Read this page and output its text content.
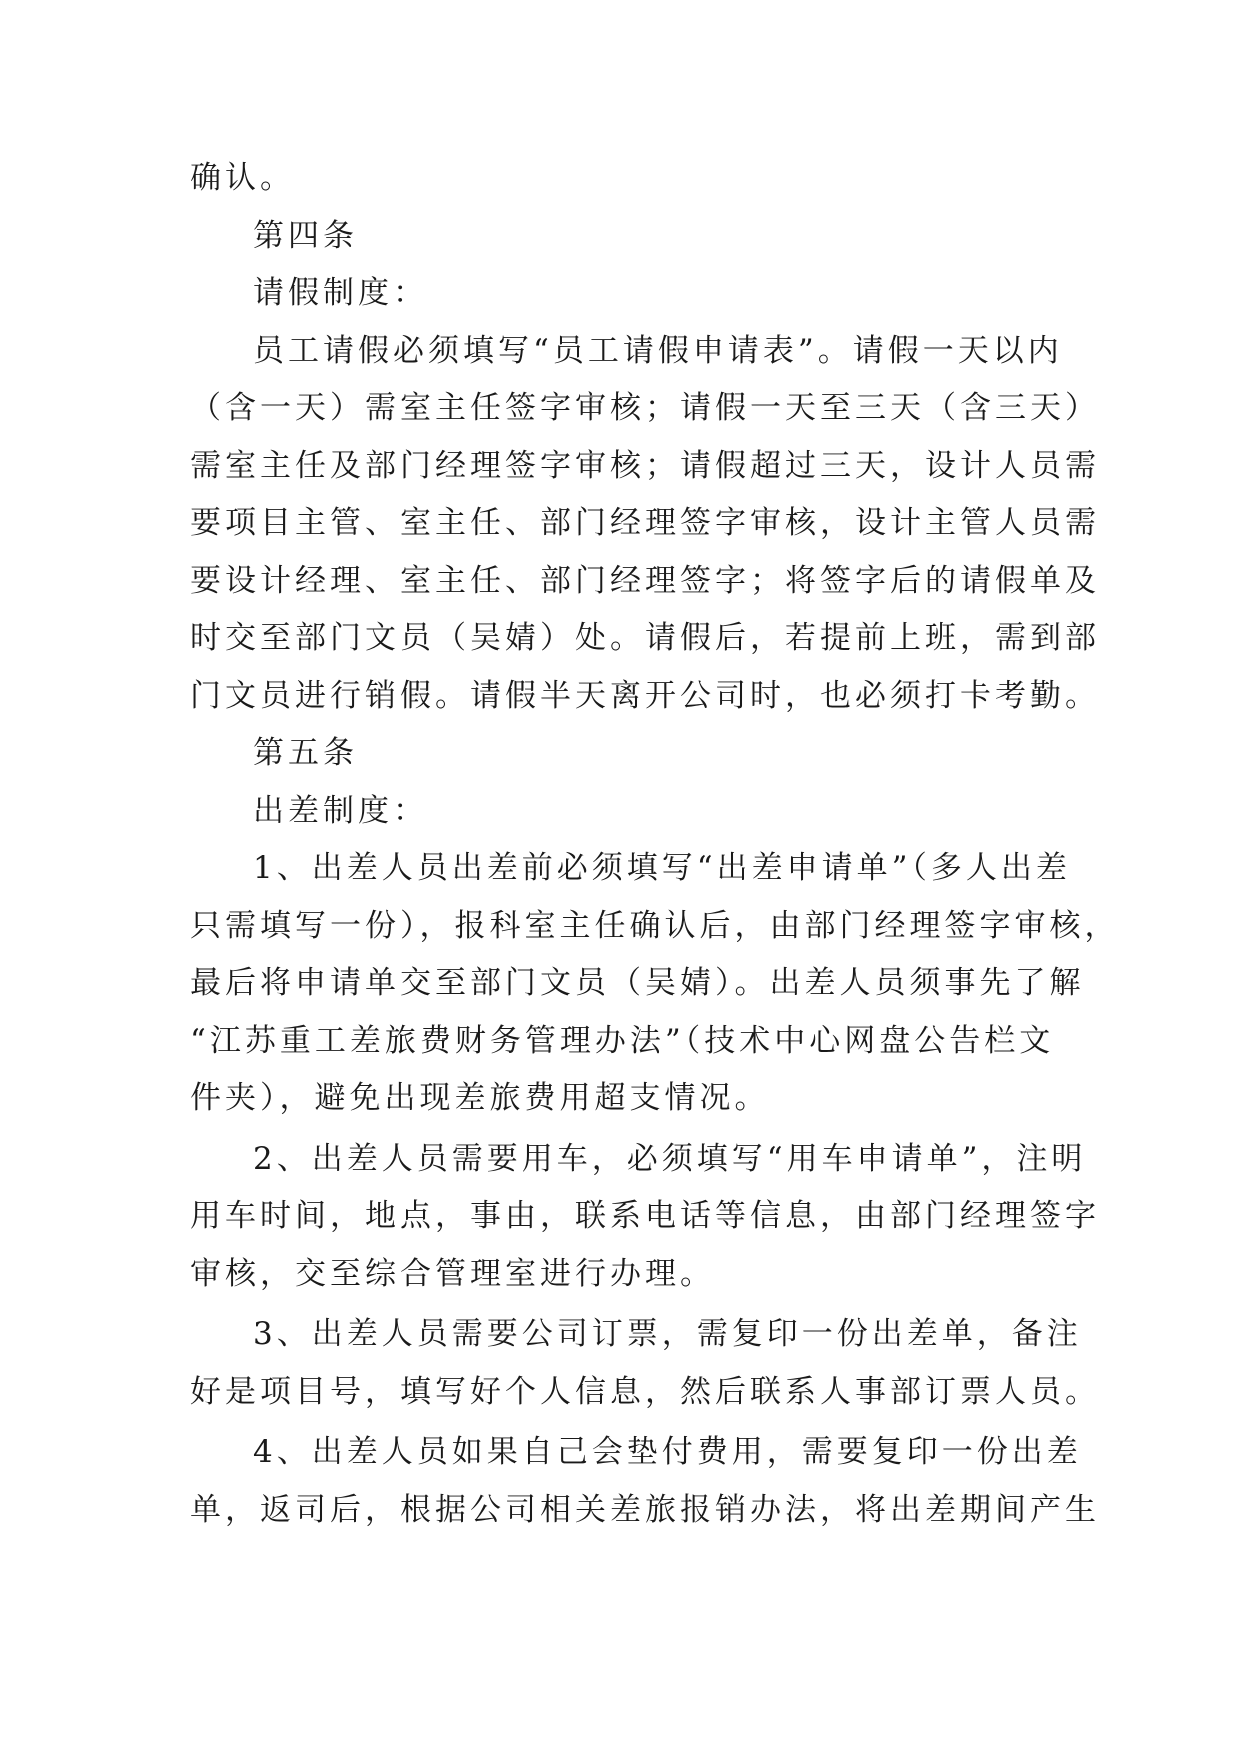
确认。
第四条
请假制度：
员工请假必须填写“员工请假申请表”。请假一天以内
（含一天）需室主任签字审核；请假一天至三天（含三天）
需室主任及部门经理签字审核；请假超过三天，设计人员需
要项目主管、室主任、部门经理签字审核，设计主管人员需
要设计经理、室主任、部门经理签字；将签字后的请假单及
时交至部门文员（吴婧）处。请假后，若提前上班，需到部
门文员进行销假。请假半天离开公司时，也必须打卡考勤。
第五条
出差制度：
1、出差人员出差前必须填写“出差申请单”（多人出差
只需填写一份），报科室主任确认后，由部门经理签字审核，
最后将申请单交至部门文员（吴婧）。出差人员须事先了解
“江苏重工差旅费财务管理办法”（技术中心网盘公告栏文
件夹），避免出现差旅费用超支情况。
2、出差人员需要用车，必须填写“用车申请单”，注明
用车时间，地点，事由，联系电话等信息，由部门经理签字
审核，交至综合管理室进行办理。
3、出差人员需要公司订票，需复印一份出差单，备注
好是项目号，填写好个人信息，然后联系人事部订票人员。
4、出差人员如果自己会垫付费用，需要复印一份出差
单，返司后，根据公司相关差旅报销办法，将出差期间产生
